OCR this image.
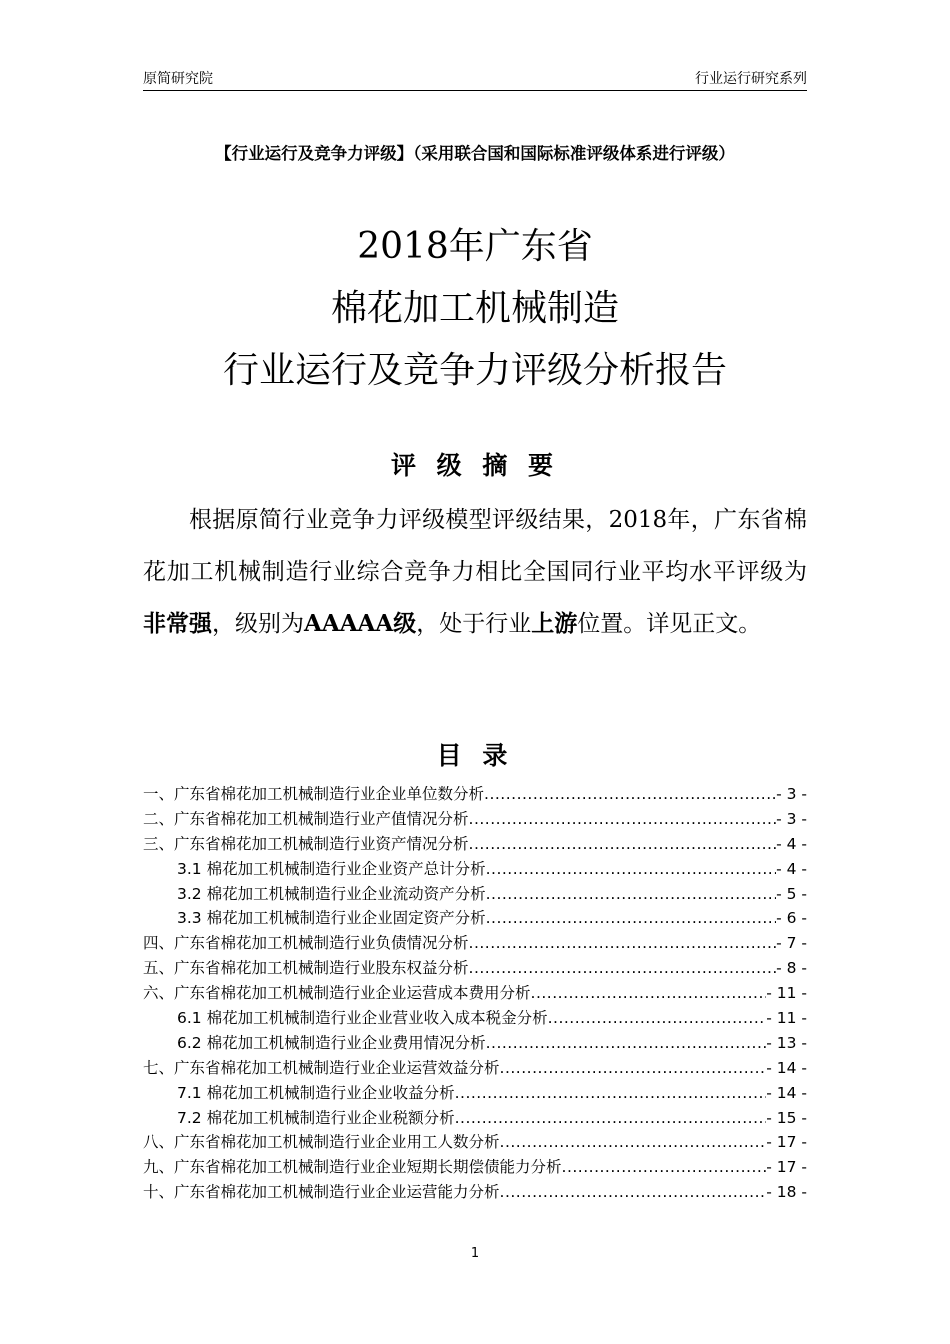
原简研究院	行业运行研究系列
【行业运行及竞争力评级】（采用联合国和国际标准评级体系进行评级）
2018年广东省
棉花加工机械制造
行业运行及竞争力评级分析报告
评 级 摘 要

根据原简行业竞争力评级模型评级结果，2018年，广东省棉花加工机械制造行业综合竞争力相比全国同行业平均水平评级为非常强，级别为AAAAA级，处于行业上游位置。详见正文。

目 录
一、广东省棉花加工机械制造行业企业单位数分析 .....	- 3 -
二、广东省棉花加工机械制造行业产值情况分析 .....	- 3 -
三、广东省棉花加工机械制造行业资产情况分析 .....	- 4 -
3.1 棉花加工机械制造行业企业资产总计分析 .....	- 4 -
3.2 棉花加工机械制造行业企业流动资产分析 .....	- 5 -
3.3 棉花加工机械制造行业企业固定资产分析 .....	- 6 -
四、广东省棉花加工机械制造行业负债情况分析 .....	- 7 -
五、广东省棉花加工机械制造行业股东权益分析 .....	- 8 -
六、广东省棉花加工机械制造行业企业运营成本费用分析 .....	- 11 -
6.1 棉花加工机械制造行业企业营业收入成本税金分析 .....	- 11 -
6.2 棉花加工机械制造行业企业费用情况分析 .....	- 13 -
七、广东省棉花加工机械制造行业企业运营效益分析 .....	- 14 -
7.1 棉花加工机械制造行业企业收益分析 .....	- 14 -
7.2 棉花加工机械制造行业企业税额分析 .....	- 15 -
八、广东省棉花加工机械制造行业企业用工人数分析 .....	- 17 -
九、广东省棉花加工机械制造行业企业短期长期偿债能力分析 .....	- 17 -
十、广东省棉花加工机械制造行业企业运营能力分析 .....	- 18 -
1
